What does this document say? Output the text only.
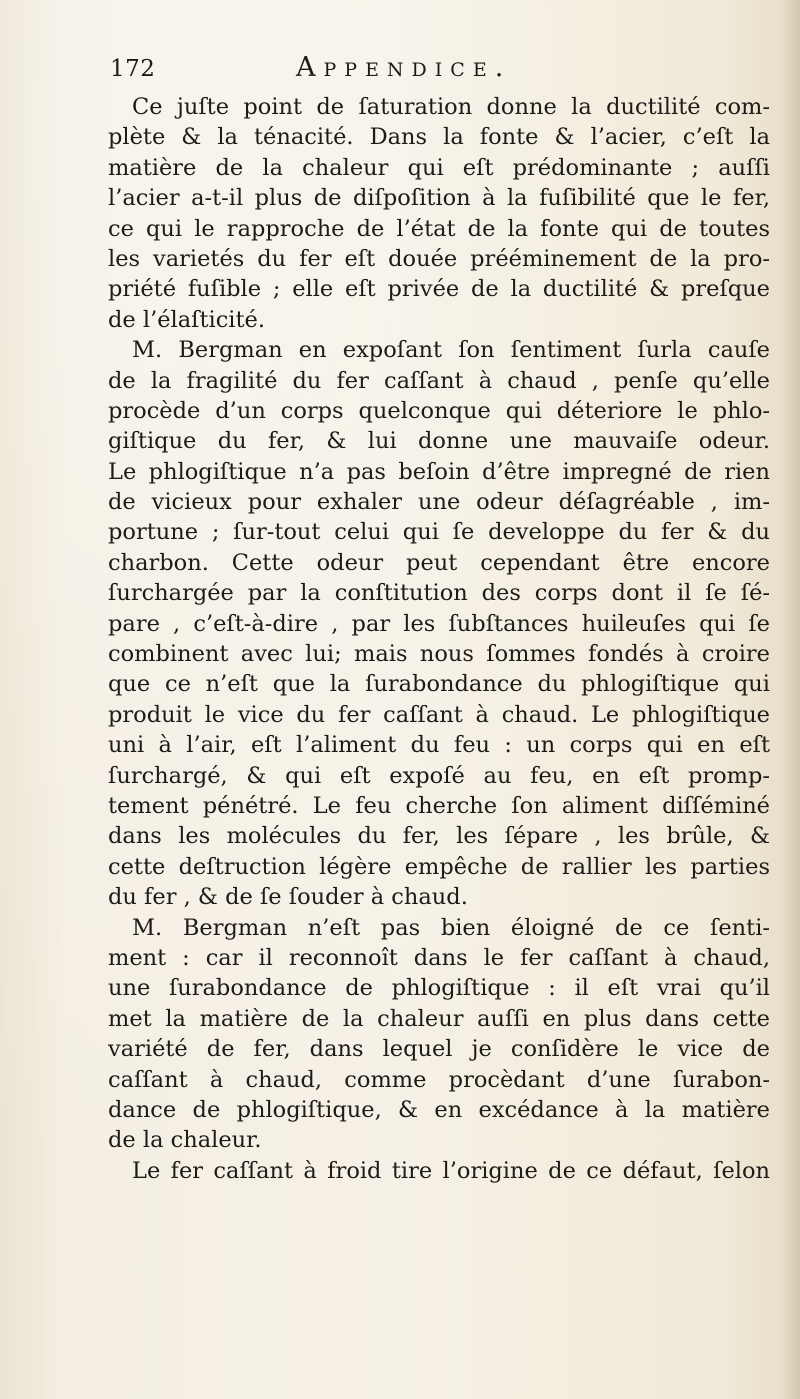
172	Appendice.
Ce juſte point de ſaturation donne la ductilité com-
plète & la ténacité. Dans la fonte & l’acier, c’eſt la
matière de la chaleur qui eſt prédominante ; auſſi
l’acier a-t-il plus de diſpoſition à la fuſibilité que le fer,
ce qui le rapproche de l’état de la fonte qui de toutes
les varietés du fer eſt douée prééminement de la pro-
priété fuſible ; elle eſt privée de la ductilité & preſque
de l’élaſticité.
M. Bergman en expoſant ſon ſentiment ſurla cauſe
de la fragilité du fer caſſant à chaud , penſe qu’elle
procède d’un corps quelconque qui déteriore le phlo-
giſtique du fer, & lui donne une mauvaiſe odeur.
Le phlogiſtique n’a pas beſoin d’être impregné de rien
de vicieux pour exhaler une odeur déſagréable , im-
portune ; ſur-tout celui qui ſe developpe du fer & du
charbon. Cette odeur peut cependant être encore
ſurchargée par la conſtitution des corps dont il ſe ſé-
pare , c’eſt-à-dire , par les ſubſtances huileuſes qui ſe
combinent avec lui; mais nous ſommes fondés à croire
que ce n’eſt que la ſurabondance du phlogiſtique qui
produit le vice du fer caſſant à chaud. Le phlogiſtique
uni à l’air, eſt l’aliment du feu : un corps qui en eſt
ſurchargé, & qui eſt expoſé au feu, en eſt promp-
tement pénétré. Le feu cherche ſon aliment diſſéminé
dans les molécules du fer, les ſépare , les brûle, &
cette deſtruction légère empêche de rallier les parties
du fer , & de ſe ſouder à chaud.
M. Bergman n’eſt pas bien éloigné de ce ſenti-
ment : car il reconnoît dans le fer caſſant à chaud,
une ſurabondance de phlogiſtique : il eſt vrai qu’il
met la matière de la chaleur auſſi en plus dans cette
variété de fer, dans lequel je conſidère le vice de
caſſant à chaud, comme procèdant d’une ſurabon-
dance de phlogiſtique, & en excédance à la matière
de la chaleur.
Le fer caſſant à froid tire l’origine de ce défaut, ſelon
